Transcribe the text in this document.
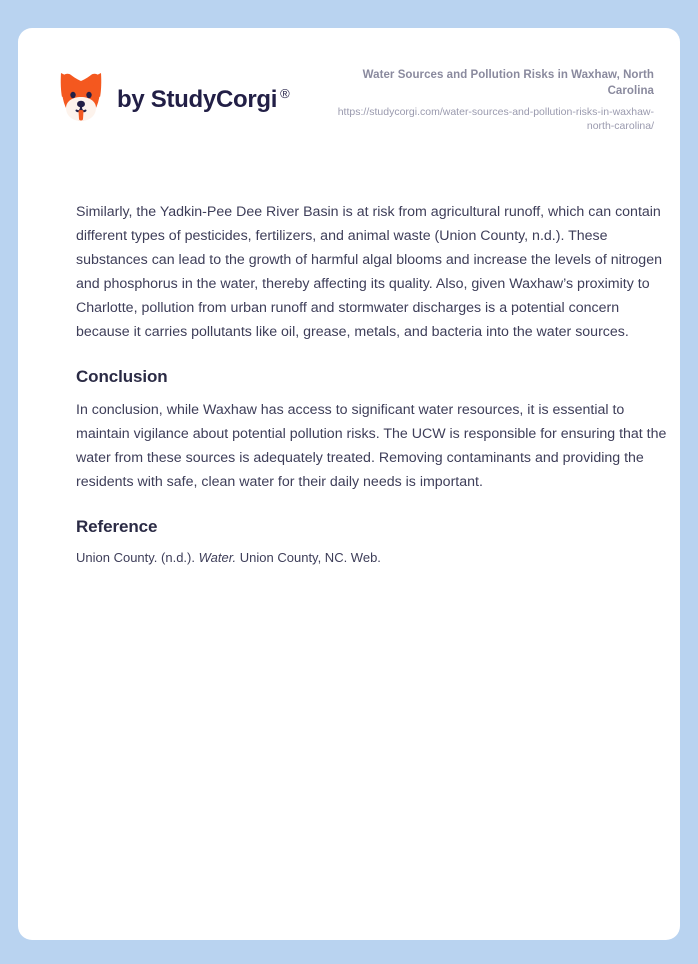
by StudyCorgi ®
Water Sources and Pollution Risks in Waxhaw, North Carolina
https://studycorgi.com/water-sources-and-pollution-risks-in-waxhaw-north-carolina/

Similarly, the Yadkin-Pee Dee River Basin is at risk from agricultural runoff, which can contain different types of pesticides, fertilizers, and animal waste (Union County, n.d.). These substances can lead to the growth of harmful algal blooms and increase the levels of nitrogen and phosphorus in the water, thereby affecting its quality. Also, given Waxhaw’s proximity to Charlotte, pollution from urban runoff and stormwater discharges is a potential concern because it carries pollutants like oil, grease, metals, and bacteria into the water sources.

Conclusion

In conclusion, while Waxhaw has access to significant water resources, it is essential to maintain vigilance about potential pollution risks. The UCW is responsible for ensuring that the water from these sources is adequately treated. Removing contaminants and providing the residents with safe, clean water for their daily needs is important.

Reference

Union County. (n.d.). Water. Union County, NC. Web.
